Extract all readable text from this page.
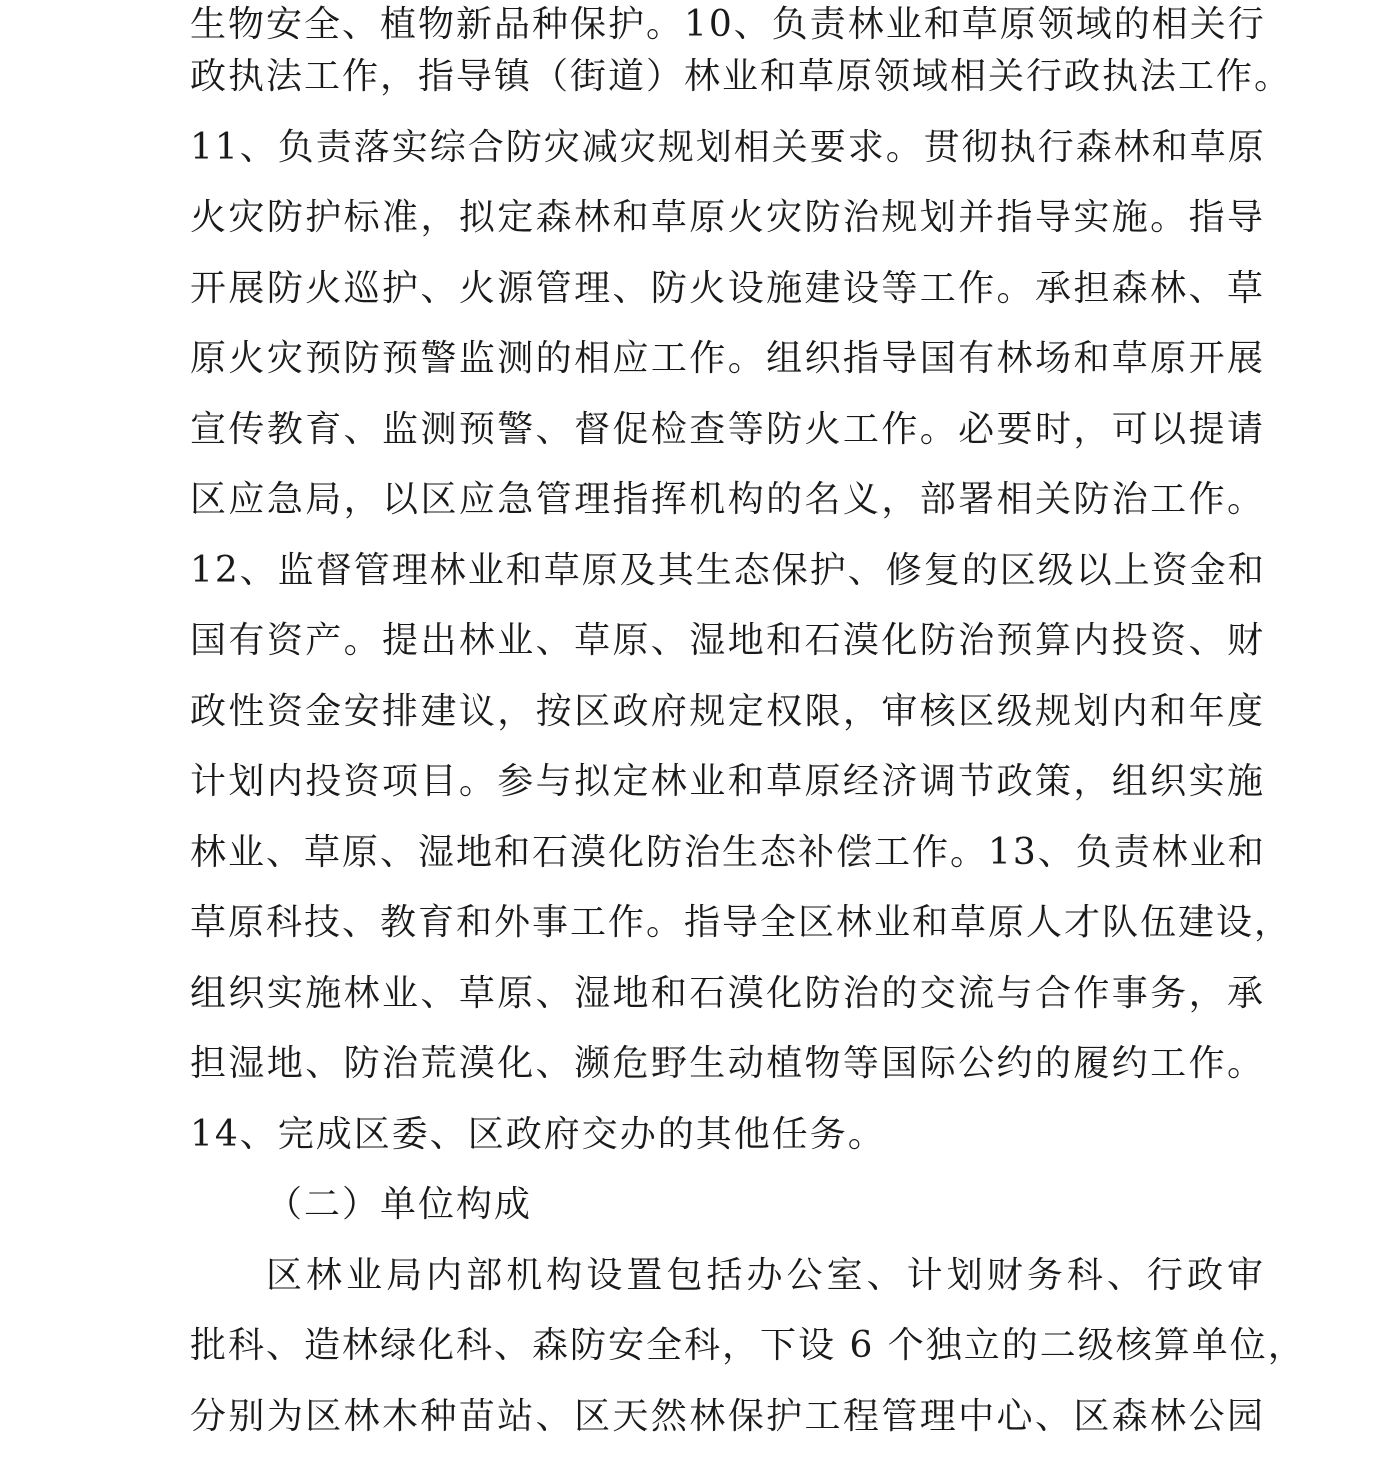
生物安全、植物新品种保护。10、负责林业和草原领域的相关行
政执法工作，指导镇（街道）林业和草原领域相关行政执法工作。
11、负责落实综合防灾减灾规划相关要求。贯彻执行森林和草原
火灾防护标准，拟定森林和草原火灾防治规划并指导实施。指导
开展防火巡护、火源管理、防火设施建设等工作。承担森林、草
原火灾预防预警监测的相应工作。组织指导国有林场和草原开展
宣传教育、监测预警、督促检查等防火工作。必要时，可以提请
区应急局，以区应急管理指挥机构的名义，部署相关防治工作。
12、监督管理林业和草原及其生态保护、修复的区级以上资金和
国有资产。提出林业、草原、湿地和石漠化防治预算内投资、财
政性资金安排建议，按区政府规定权限，审核区级规划内和年度
计划内投资项目。参与拟定林业和草原经济调节政策，组织实施
林业、草原、湿地和石漠化防治生态补偿工作。13、负责林业和
草原科技、教育和外事工作。指导全区林业和草原人才队伍建设，
组织实施林业、草原、湿地和石漠化防治的交流与合作事务，承
担湿地、防治荒漠化、濒危野生动植物等国际公约的履约工作。
14、完成区委、区政府交办的其他任务。
（二）单位构成
区林业局内部机构设置包括办公室、计划财务科、行政审
批科、造林绿化科、森防安全科，下设 6 个独立的二级核算单位，
分别为区林木种苗站、区天然林保护工程管理中心、区森林公园
